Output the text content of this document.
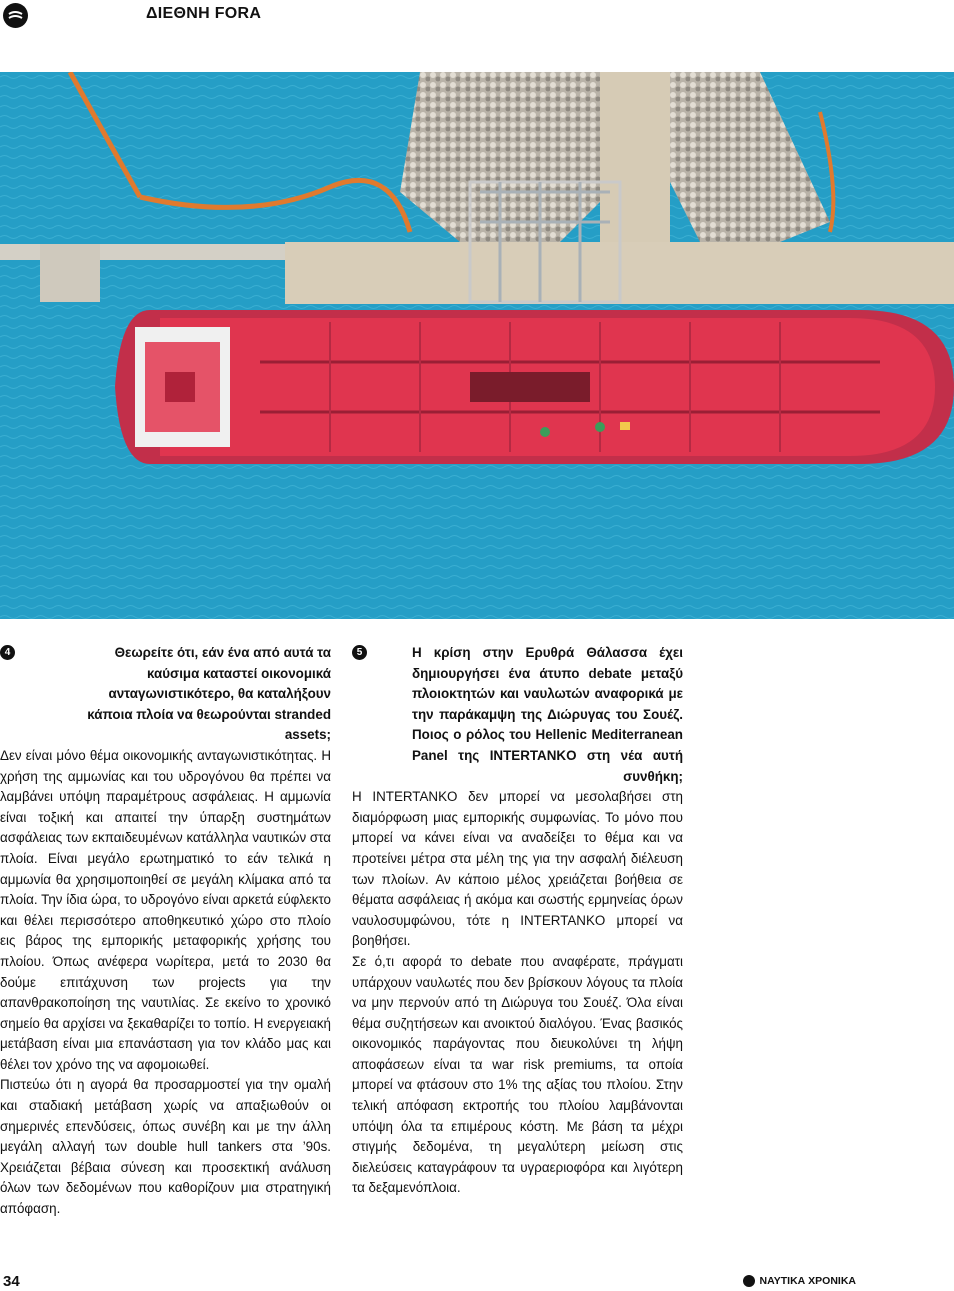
ΔΙΕΘΝΗ FORA
4	Θεωρείτε ότι, εάν ένα από αυτά τα καύσιμα καταστεί οικονομικά ανταγωνιστικότερο, θα καταλήξουν κάποια πλοία να θεωρούνται stranded assets;

Δεν είναι μόνο θέμα οικονομικής ανταγωνιστικότητας. Η χρήση της αμμωνίας και του υδρογόνου θα πρέπει να λαμβάνει υπόψη παραμέτρους ασφάλειας. Η αμμωνία είναι τοξική και απαιτεί την ύπαρξη συστημάτων ασφάλειας των εκπαιδευμένων κατάλληλα ναυτικών στα πλοία. Είναι μεγάλο ερωτηματικό το εάν τελικά η αμμωνία θα χρησιμοποιηθεί σε μεγάλη κλίμακα από τα πλοία. Την ίδια ώρα, το υδρογόνο είναι αρκετά εύφλεκτο και θέλει περισσότερο αποθηκευτικό χώρο στο πλοίο εις βάρος της εμπορικής μεταφορικής χρήσης του πλοίου. Όπως ανέφερα νωρίτερα, μετά το 2030 θα δούμε επιτάχυνση των projects για την απανθρακοποίηση της ναυτιλίας. Σε εκείνο το χρονικό σημείο θα αρχίσει να ξεκαθαρίζει το τοπίο. Η ενεργειακή μετάβαση είναι μια επανάσταση για τον κλάδο μας και θέλει τον χρόνο της να αφομοιωθεί.

Πιστεύω ότι η αγορά θα προσαρμοστεί για την ομαλή και σταδιακή μετάβαση χωρίς να απαξιωθούν οι σημερινές επενδύσεις, όπως συνέβη και με την άλλη μεγάλη αλλαγή των double hull tankers στα ’90s. Χρειάζεται βέβαια σύνεση και προσεκτική ανάλυση όλων των δεδομένων που καθορίζουν μια στρατηγική απόφαση.

5	Η κρίση στην Ερυθρά Θάλασσα έχει δημιουργήσει ένα άτυπο debate μεταξύ πλοιοκτητών και ναυλωτών αναφορικά με την παράκαμψη της Διώρυγας του Σουέζ. Ποιος ο ρόλος του Hellenic Mediterranean Panel της INTERTANKO στη νέα αυτή συνθήκη;

Η INTERTANKO δεν μπορεί να μεσολαβήσει στη διαμόρφωση μιας εμπορικής συμφωνίας. Το μόνο που μπορεί να κάνει είναι να αναδείξει το θέμα και να προτείνει μέτρα στα μέλη της για την ασφαλή διέλευση των πλοίων. Αν κάποιο μέλος χρειάζεται βοήθεια σε θέματα ασφάλειας ή ακόμα και σωστής ερμηνείας όρων ναυλοσυμφώνου, τότε η INTERTANKO μπορεί να βοηθήσει.

Σε ό,τι αφορά το debate που αναφέρατε, πράγματι υπάρχουν ναυλωτές που δεν βρίσκουν λόγους τα πλοία να μην περνούν από τη Διώρυγα του Σουέζ. Όλα είναι θέμα συζητήσεων και ανοικτού διαλόγου. Ένας βασικός οικονομικός παράγοντας που διευκολύνει τη λήψη αποφάσεων είναι τα war risk premiums, τα οποία μπορεί να φτάσουν στο 1% της αξίας του πλοίου. Στην τελική απόφαση εκτροπής του πλοίου λαμβάνονται υπόψη όλα τα επιμέρους κόστη. Με βάση τα μέχρι στιγμής δεδομένα, τη μεγαλύτερη μείωση στις διελεύσεις καταγράφουν τα υγραεριοφόρα και λιγότερη τα δεξαμενόπλοια.

34	ΝΑΥΤΙΚΑ ΧΡΟΝΙΚΑ
